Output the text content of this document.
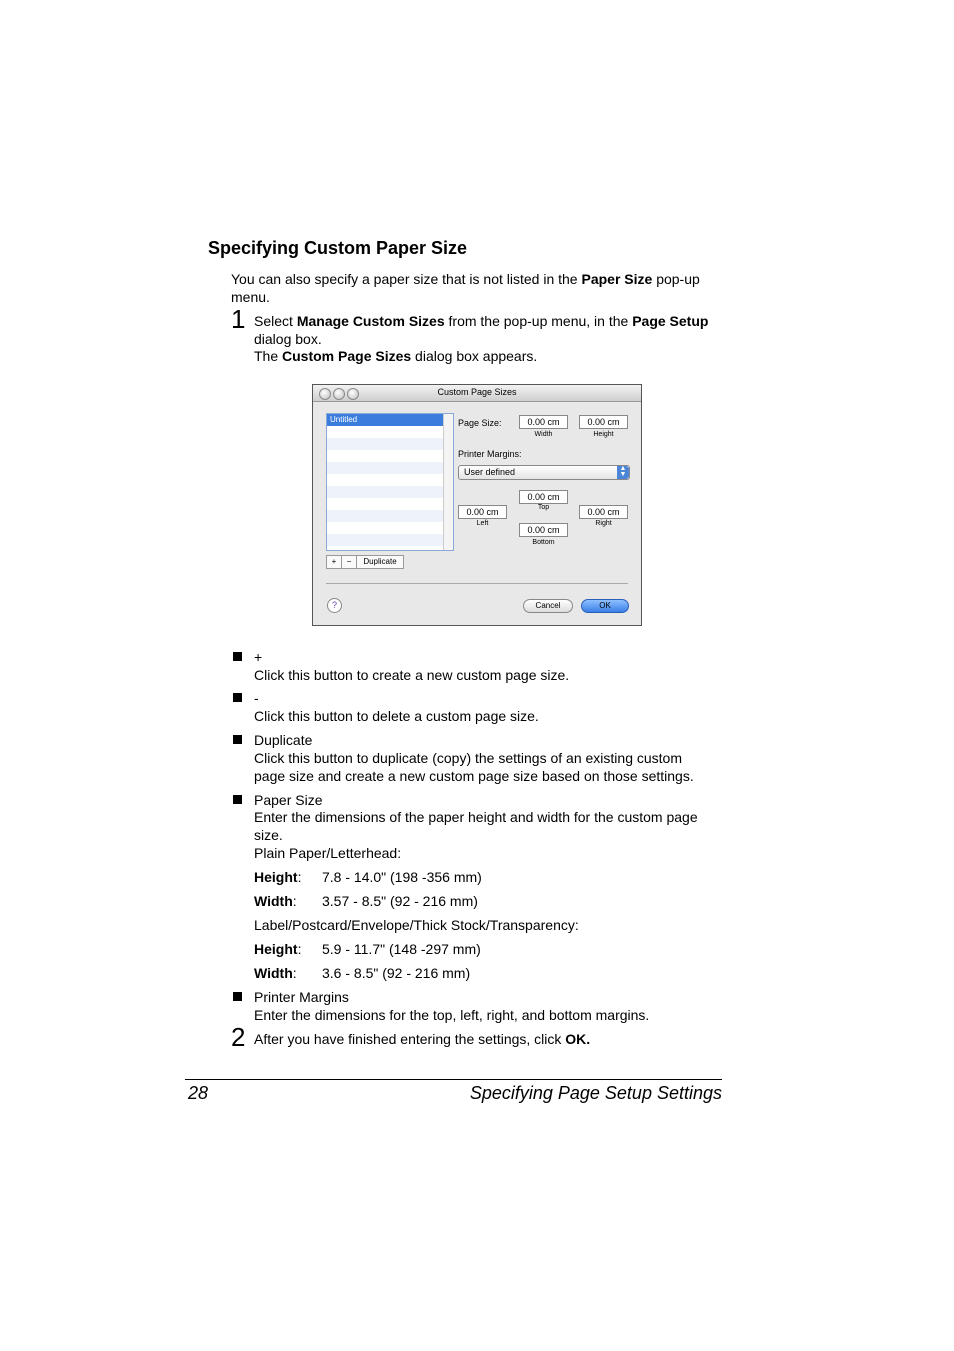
Specifying Custom Paper Size
You can also specify a paper size that is not listed in the Paper Size pop-up
menu.
1 Select Manage Custom Sizes from the pop-up menu, in the Page Setup
dialog box.
The Custom Page Sizes dialog box appears.
Custom Page Sizes
Untitled
+	−	Duplicate
Page Size:	0.00 cm
Width
0.00 cm
Height
Printer Margins:
User defined	▲
▼
0.00 cm
Top
0.00 cm
Left
0.00 cm
Right
0.00 cm
Bottom
?	Cancel	OK
+
Click this button to create a new custom page size.
-
Click this button to delete a custom page size.
Duplicate
Click this button to duplicate (copy) the settings of an existing custom
page size and create a new custom page size based on those settings.
Paper Size
Enter the dimensions of the paper height and width for the custom page
size.
Plain Paper/Letterhead:
Height: 7.8 - 14.0" (198 -356 mm)
Width: 3.57 - 8.5" (92 - 216 mm)
Label/Postcard/Envelope/Thick Stock/Transparency:
Height: 5.9 - 11.7" (148 -297 mm)
Width: 3.6 - 8.5" (92 - 216 mm)
Printer Margins
Enter the dimensions for the top, left, right, and bottom margins.
2 After you have finished entering the settings, click OK.
28	Specifying Page Setup Settings
